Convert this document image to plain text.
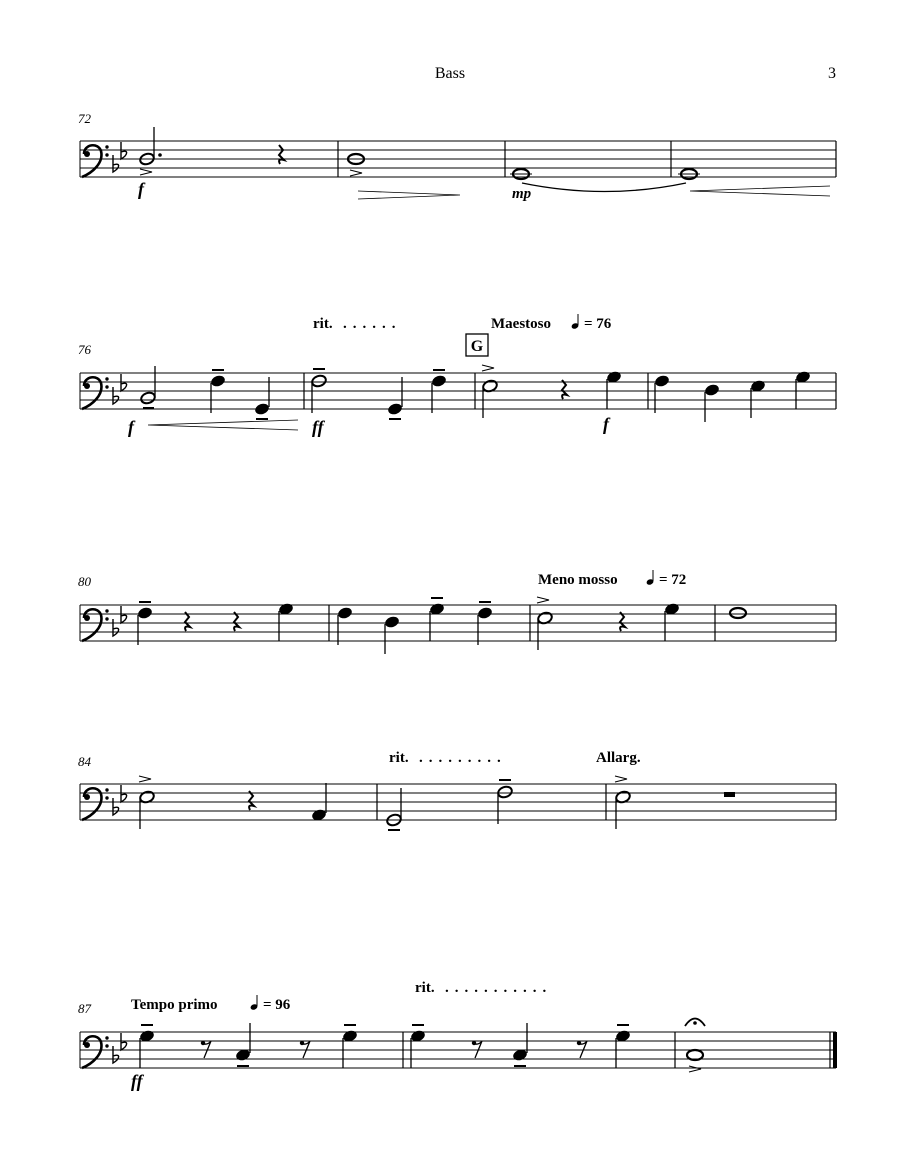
Bass	3
72
76
80
84
87
f	mp
rit. ......	Maestoso = 76
G
f	ff	f
Meno mosso	= 72
rit. .........	Allarg.
rit. ...........
Tempo primo	= 96
ff
